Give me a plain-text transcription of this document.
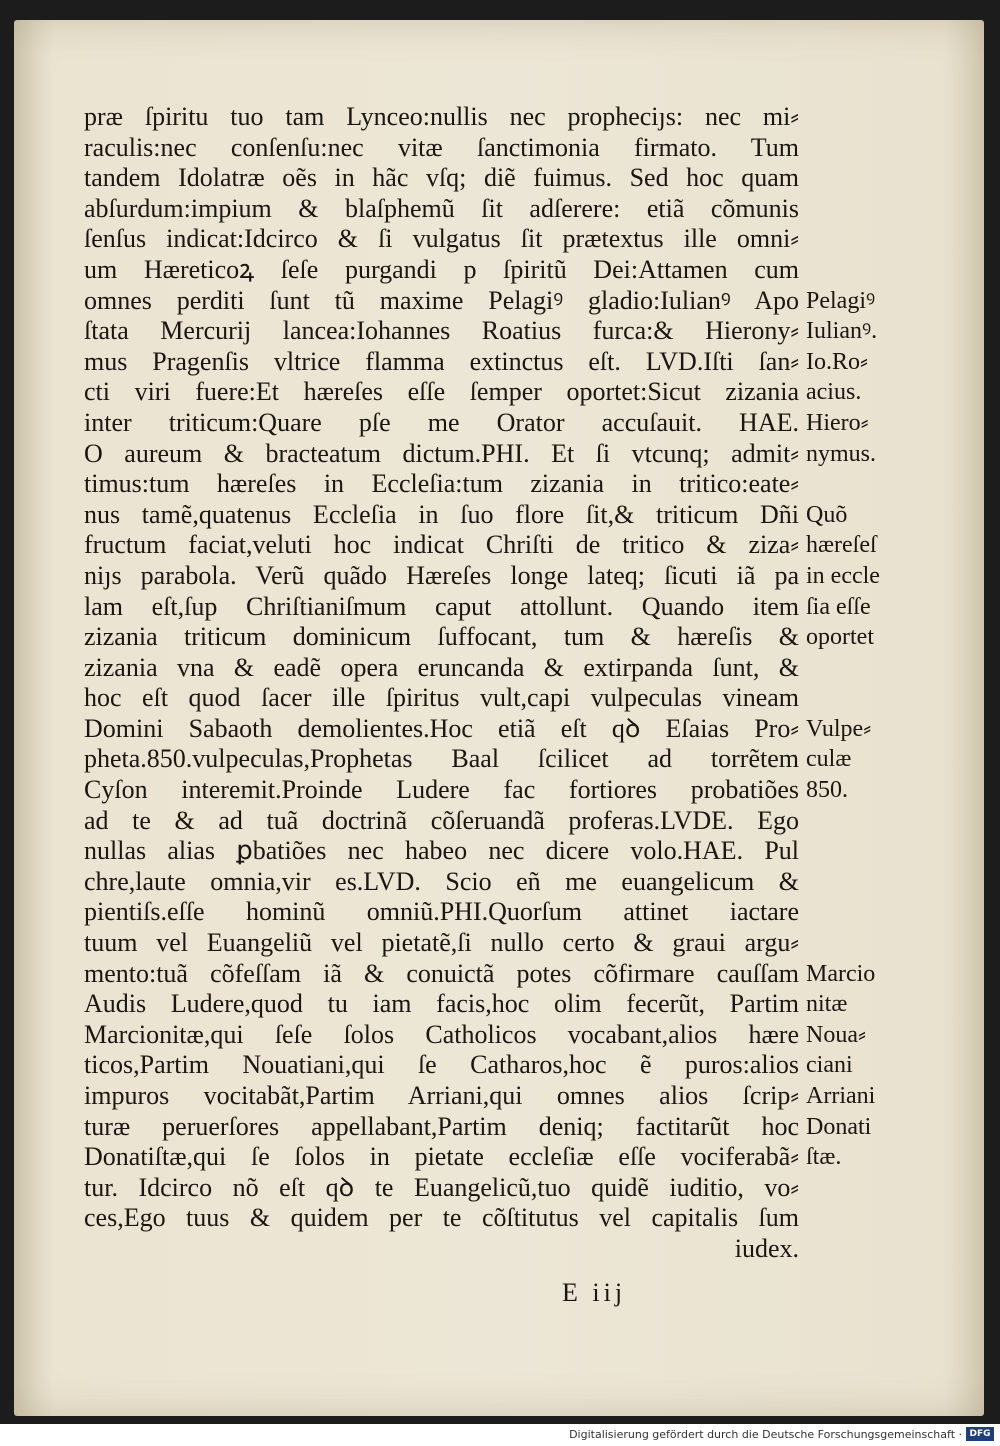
præ ſpiritu tuo tam Lynceo:nullis nec propheciȷs: nec mi⸗
raculis:nec conſenſu:nec vitæ ſanctimonia firmato. Tum
tandem Idolatræ oẽs in hãc vſq; diẽ fuimus. Sed hoc quam
abſurdum:impium & blaſphemũ ſit adſerere: etiã cõmunis
ſenſus indicat:Idcirco & ſi vulgatus ſit prætextus ille omni⸗
um Hæreticoꝝ ſeſe purgandi p ſpiritũ Dei:Attamen cum
omnes perditi ſunt tũ maxime Pelagiꝰ gladio:Iulianꝰ Apo
ſtata Mercurij lancea:Iohannes Roatius furca:& Hierony⸗
mus Pragenſis vltrice flamma extinctus eſt. LVD.Iſti ſan⸗
cti viri fuere:Et hæreſes eſſe ſemper oportet:Sicut zizania
inter triticum:Quare pſe me Orator accuſauit. HAE.
O aureum & bracteatum dictum.PHI. Et ſi vtcunq; admit⸗
timus:tum hæreſes in Eccleſia:tum zizania in tritico:eate⸗
nus tamẽ,quatenus Eccleſia in ſuo flore ſit,& triticum Dñi
fructum faciat,veluti hoc indicat Chriſti de tritico & ziza⸗
niȷs parabola. Verũ quãdo Hæreſes longe lateq; ſicuti iã pa
lam eſt,ſup Chriſtianiſmum caput attollunt. Quando item
zizania triticum dominicum ſuffocant, tum & hæreſis &
zizania vna & eadẽ opera eruncanda & extirpanda ſunt, &
hoc eſt quod ſacer ille ſpiritus vult,capi vulpeculas vineam
Domini Sabaoth demolientes.Hoc etiã eſt qꝺ Eſaias Pro⸗
pheta.850.vulpeculas,Prophetas Baal ſcilicet ad torrẽtem
Cyſon interemit.Proinde Ludere fac fortiores probatiões
ad te & ad tuã doctrinã cõſeruandã proferas.LVDE. Ego
nullas alias ꝑbatiões nec habeo nec dicere volo.HAE. Pul
chre,laute omnia,vir es.LVD. Scio eñ me euangelicum &
pientiſs.eſſe hominũ omniũ.PHI.Quorſum attinet iactare
tuum vel Euangeliũ vel pietatẽ,ſi nullo certo & graui argu⸗
mento:tuã cõfeſſam iã & conuictã potes cõfirmare cauſſam
Audis Ludere,quod tu iam facis,hoc olim fecerũt, Partim
Marcionitæ,qui ſeſe ſolos Catholicos vocabant,alios hære
ticos,Partim Nouatiani,qui ſe Catharos,hoc ẽ puros:alios
impuros vocitabãt,Partim Arriani,qui omnes alios ſcrip⸗
turæ peruerſores appellabant,Partim deniq; factitarũt hoc
Donatiſtæ,qui ſe ſolos in pietate eccleſiæ eſſe vociferabã⸗
tur. Idcirco nõ eſt qꝺ te Euangelicũ,tuo quidẽ iuditio, vo⸗
ces,Ego tuus & quidem per te cõſtitutus vel capitalis ſum
iudex.
Pelagiꝰ
Iulianꝰ.
Io.Ro⸗
acius.
Hiero⸗
nymus.
Quõ
hæreſeſ
in eccle
ſia eſſe
oportet
Vulpe⸗
culæ
850.
Marcio
nitæ
Noua⸗
ciani
Arriani
Donati
ſtæ.
E iij
Digitalisierung gefördert durch die Deutsche Forschungsgemeinschaft · DFG
